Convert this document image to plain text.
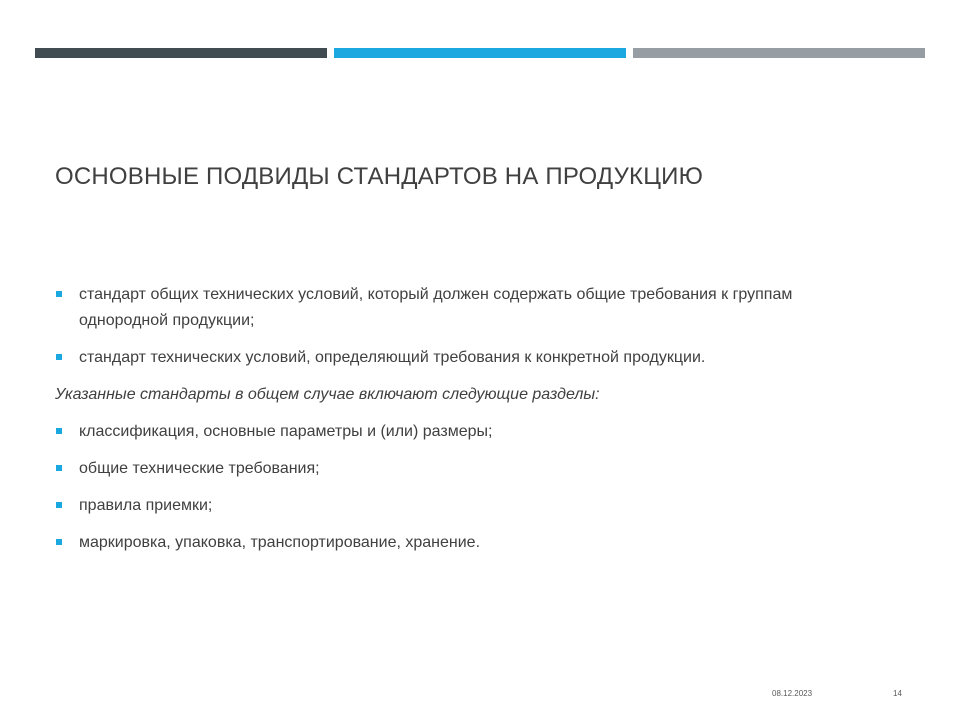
ОСНОВНЫЕ ПОДВИДЫ СТАНДАРТОВ НА ПРОДУКЦИЮ
стандарт общих технических условий, который должен содержать общие требования к группам однородной продукции;
стандарт технических условий, определяющий требования к конкретной продукции.
Указанные стандарты в общем случае включают следующие разделы:
классификация, основные параметры и (или) размеры;
общие технические требования;
правила приемки;
маркировка, упаковка, транспортирование, хранение.
08.12.2023	14
